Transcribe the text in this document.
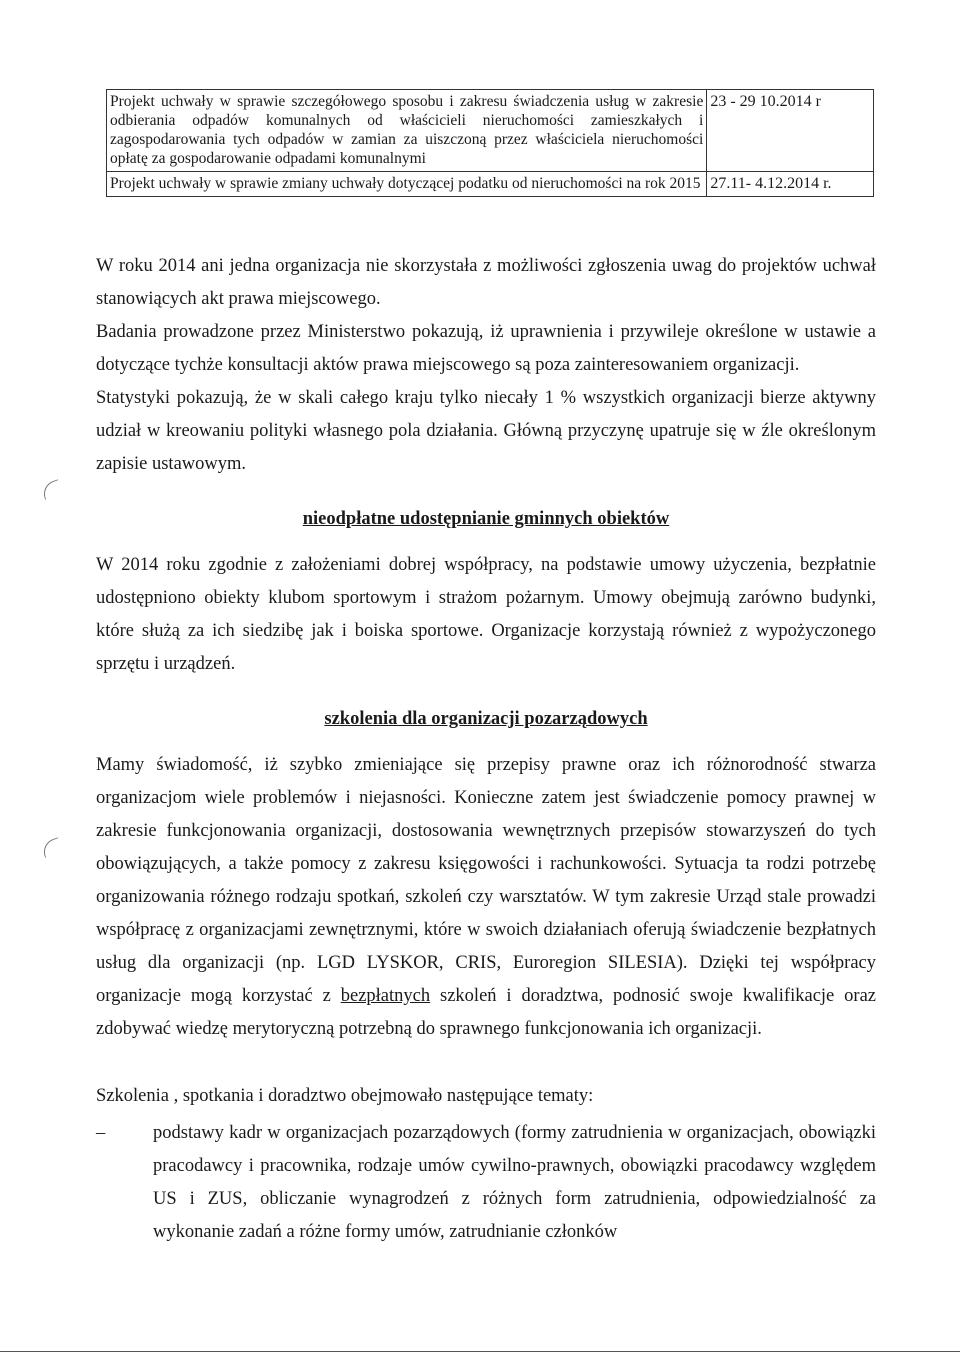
Projekt uchwały w sprawie szczegółowego sposobu i zakresu świadczenia usług w zakresie odbierania odpadów komunalnych od właścicieli nieruchomości zamieszkałych i zagospodarowania tych odpadów w zamian za uiszczoną przez właściciela nieruchomości opłatę za gospodarowanie odpadami komunalnymi	23 - 29 10.2014 r
Projekt uchwały w sprawie zmiany uchwały dotyczącej podatku od nieruchomości na rok 2015	27.11- 4.12.2014 r.

W roku 2014 ani jedna organizacja nie skorzystała z możliwości zgłoszenia uwag do projektów uchwał stanowiących akt prawa miejscowego.

Badania prowadzone przez Ministerstwo pokazują, iż uprawnienia i przywileje określone w ustawie a dotyczące tychże konsultacji aktów prawa miejscowego są poza zainteresowaniem organizacji.

Statystyki pokazują, że w skali całego kraju tylko niecały 1 % wszystkich organizacji bierze aktywny udział w kreowaniu polityki własnego pola działania. Główną przyczynę upatruje się w źle określonym zapisie ustawowym.

nieodpłatne udostępnianie gminnych obiektów

W 2014 roku zgodnie z założeniami dobrej współpracy, na podstawie umowy użyczenia, bezpłatnie udostępniono obiekty klubom sportowym i strażom pożarnym. Umowy obejmują zarówno budynki, które służą za ich siedzibę jak i boiska sportowe. Organizacje korzystają również z wypożyczonego sprzętu i urządzeń.

szkolenia dla organizacji pozarządowych

Mamy świadomość, iż szybko zmieniające się przepisy prawne oraz ich różnorodność stwarza organizacjom wiele problemów i niejasności. Konieczne zatem jest świadczenie pomocy prawnej w zakresie funkcjonowania organizacji, dostosowania wewnętrznych przepisów stowarzyszeń do tych obowiązujących, a także pomocy z zakresu księgowości i rachunkowości. Sytuacja ta rodzi potrzebę organizowania różnego rodzaju spotkań, szkoleń czy warsztatów. W tym zakresie Urząd stale prowadzi współpracę z organizacjami zewnętrznymi, które w swoich działaniach oferują świadczenie bezpłatnych usług dla organizacji (np. LGD LYSKOR, CRIS, Euroregion SILESIA). Dzięki tej współpracy organizacje mogą korzystać z bezpłatnych szkoleń i doradztwa, podnosić swoje kwalifikacje oraz zdobywać wiedzę merytoryczną potrzebną do sprawnego funkcjonowania ich organizacji.

Szkolenia , spotkania i doradztwo obejmowało następujące tematy:

–	podstawy kadr w organizacjach pozarządowych (formy zatrudnienia w organizacjach, obowiązki pracodawcy i pracownika, rodzaje umów cywilno-prawnych, obowiązki pracodawcy względem US i ZUS, obliczanie wynagrodzeń z różnych form zatrudnienia, odpowiedzialność za wykonanie zadań a różne formy umów, zatrudnianie członków
